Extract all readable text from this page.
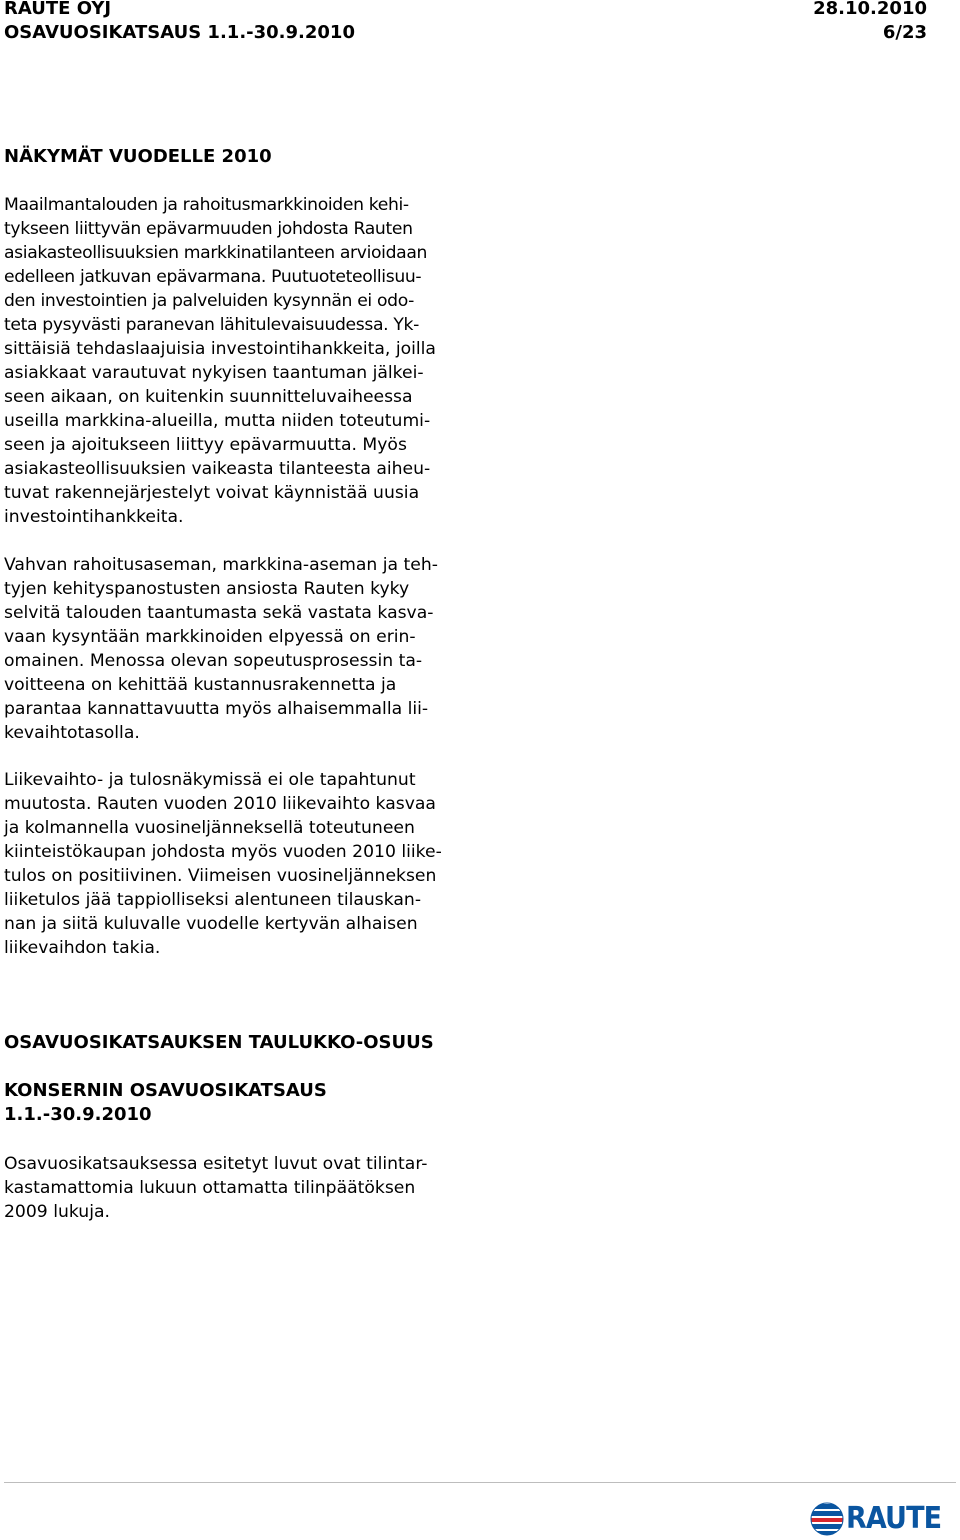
RAUTE OYJ
OSAVUOSIKATSAUS 1.1.-30.9.2010
28.10.2010
6/23
NÄKYMÄT VUODELLE 2010
Maailmantalouden ja rahoitusmarkkinoiden kehi-
tykseen liittyvän epävarmuuden johdosta Rauten
asiakasteollisuuksien markkinatilanteen arvioidaan
edelleen jatkuvan epävarmana. Puutuoteteollisuu-
den investointien ja palveluiden kysynnän ei odo-
teta pysyvästi paranevan lähitulevaisuudessa. Yk-
sittäisiä tehdaslaajuisia investointihankkeita, joilla
asiakkaat varautuvat nykyisen taantuman jälkei-
seen aikaan, on kuitenkin suunnitteluvaiheessa
useilla markkina-alueilla, mutta niiden toteutumi-
seen ja ajoitukseen liittyy epävarmuutta. Myös
asiakasteollisuuksien vaikeasta tilanteesta aiheu-
tuvat rakennejärjestelyt voivat käynnistää uusia
investointihankkeita.
Vahvan rahoitusaseman, markkina-aseman ja teh-
tyjen kehityspanostusten ansiosta Rauten kyky
selvitä talouden taantumasta sekä vastata kasva-
vaan kysyntään markkinoiden elpyessä on erin-
omainen. Menossa olevan sopeutusprosessin ta-
voitteena on kehittää kustannusrakennetta ja
parantaa kannattavuutta myös alhaisemmalla lii-
kevaihtotasolla.
Liikevaihto- ja tulosnäkymissä ei ole tapahtunut
muutosta. Rauten vuoden 2010 liikevaihto kasvaa
ja kolmannella vuosineljänneksellä toteutuneen
kiinteistökaupan johdosta myös vuoden 2010 liike-
tulos on positiivinen. Viimeisen vuosineljänneksen
liiketulos jää tappiolliseksi alentuneen tilauskan-
nan ja siitä kuluvalle vuodelle kertyvän alhaisen
liikevaihdon takia.
OSAVUOSIKATSAUKSEN TAULUKKO-OSUUS
KONSERNIN OSAVUOSIKATSAUS
1.1.-30.9.2010
Osavuosikatsauksessa esitetyt luvut ovat tilintar-
kastamattomia lukuun ottamatta tilinpäätöksen
2009 lukuja.
RAUTE
